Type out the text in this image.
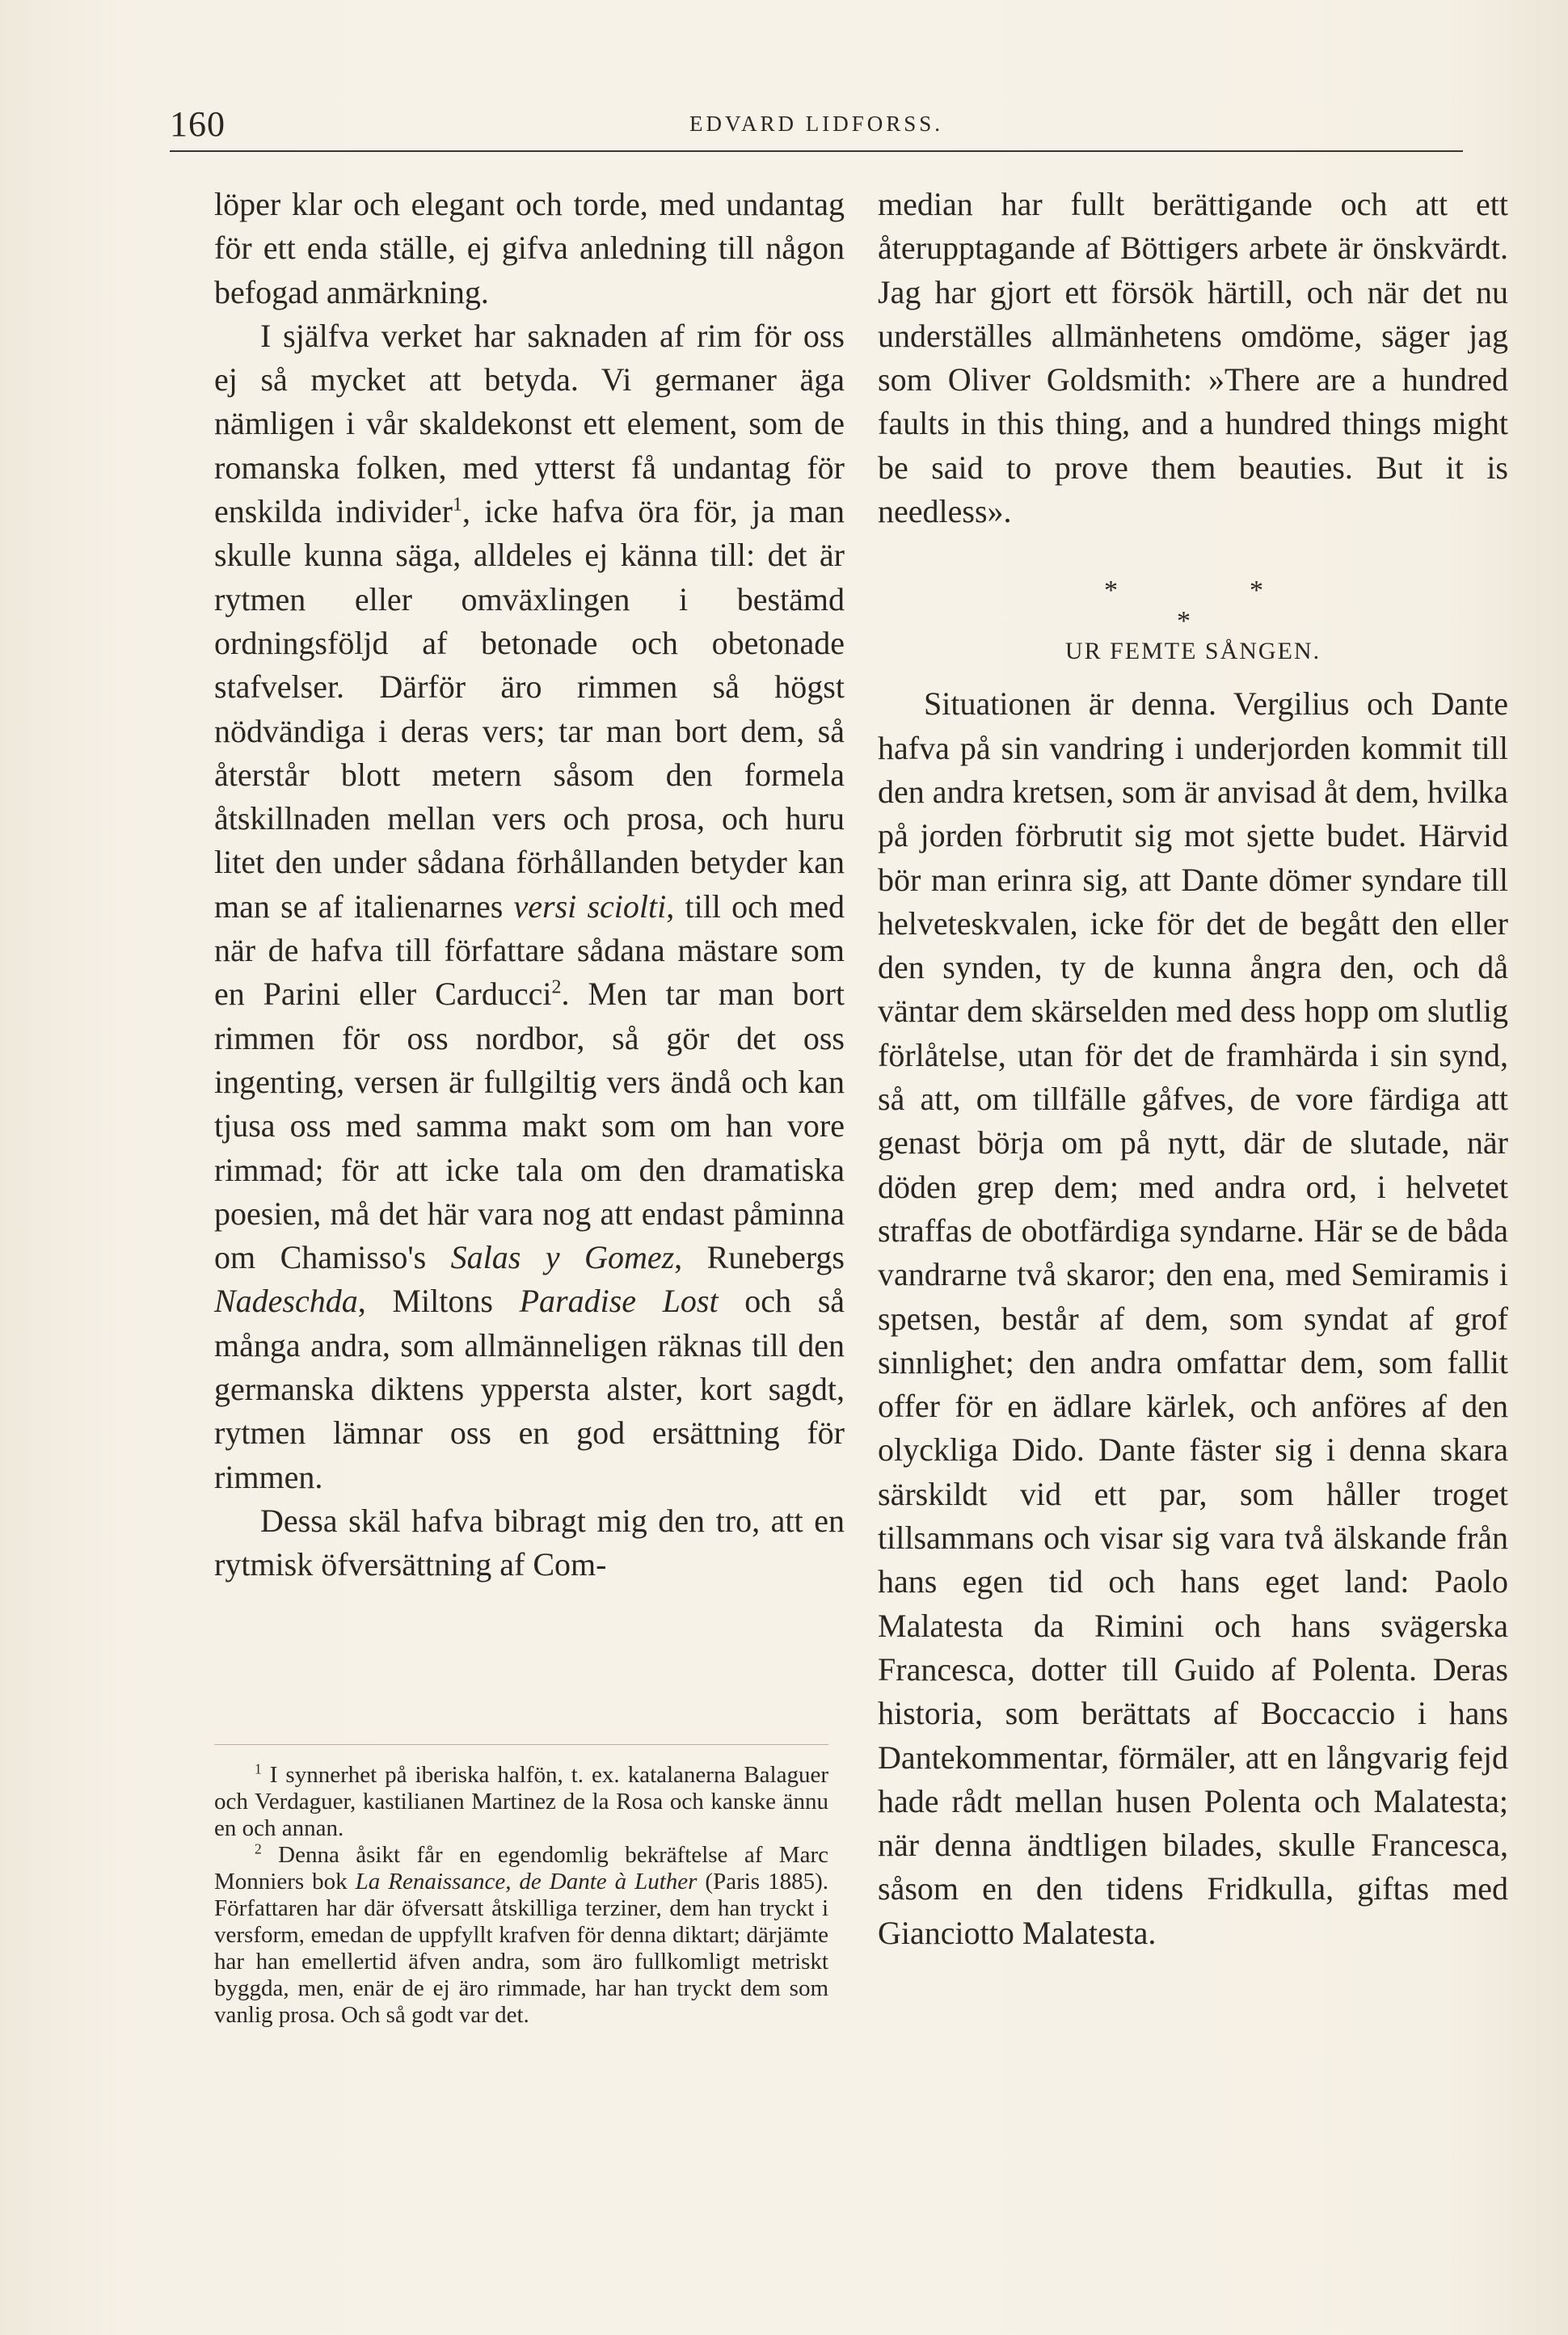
160	EDVARD LIDFORSS.

löper klar och elegant och torde, med undantag för ett enda ställe, ej gifva anledning till någon befogad anmärkning.

I själfva verket har saknaden af rim för oss ej så mycket att betyda. Vi germaner äga nämligen i vår skaldekonst ett element, som de romanska folken, med ytterst få undantag för enskilda individer$^1$, icke hafva öra för, ja man skulle kunna säga, alldeles ej känna till: det är rytmen eller omväxlingen i bestämd ordningsföljd af betonade och obetonade stafvelser. Därför äro rimmen så högst nödvändiga i deras vers; tar man bort dem, så återstår blott metern såsom den formela åtskillnaden mellan vers och prosa, och huru litet den under sådana förhållanden betyder kan man se af italienarnes versi sciolti, till och med när de hafva till författare sådana mästare som en Parini eller Carducci$^2$. Men tar man bort rimmen för oss nordbor, så gör det oss ingenting, versen är fullgiltig vers ändå och kan tjusa oss med samma makt som om han vore rimmad; för att icke tala om den dramatiska poesien, må det här vara nog att endast påminna om Chamisso's Salas y Gomez, Runebergs Nadeschda, Miltons Paradise Lost och så många andra, som allmänneligen räknas till den germanska diktens yppersta alster, kort sagdt, rytmen lämnar oss en god ersättning för rimmen.

Dessa skäl hafva bibragt mig den tro, att en rytmisk öfversättning af Com-

$^1$ I synnerhet på iberiska halfön, t. ex. katalanerna Balaguer och Verdaguer, kastilianen Martinez de la Rosa och kanske ännu en och annan.

$^2$ Denna åsikt får en egendomlig bekräftelse af Marc Monniers bok La Renaissance, de Dante à Luther (Paris 1885). Författaren har där öfversatt åtskilliga terziner, dem han tryckt i versform, emedan de uppfyllt krafven för denna diktart; därjämte har han emellertid äfven andra, som äro fullkomligt metriskt byggda, men, enär de ej äro rimmade, har han tryckt dem som vanlig prosa. Och så godt var det.

median har fullt berättigande och att ett återupptagande af Böttigers arbete är önskvärdt. Jag har gjort ett försök härtill, och när det nu underställes allmänhetens omdöme, säger jag som Oliver Goldsmith: »There are a hundred faults in this thing, and a hundred things might be said to prove them beauties. But it is needless».

*	*
*
UR FEMTE SÅNGEN.

Situationen är denna. Vergilius och Dante hafva på sin vandring i underjorden kommit till den andra kretsen, som är anvisad åt dem, hvilka på jorden förbrutit sig mot sjette budet. Härvid bör man erinra sig, att Dante dömer syndare till helveteskvalen, icke för det de begått den eller den synden, ty de kunna ångra den, och då väntar dem skärselden med dess hopp om slutlig förlåtelse, utan för det de framhärda i sin synd, så att, om tillfälle gåfves, de vore färdiga att genast börja om på nytt, där de slutade, när döden grep dem; med andra ord, i helvetet straffas de obotfärdiga syndarne. Här se de båda vandrarne två skaror; den ena, med Semiramis i spetsen, består af dem, som syndat af grof sinnlighet; den andra omfattar dem, som fallit offer för en ädlare kärlek, och anföres af den olyckliga Dido. Dante fäster sig i denna skara särskildt vid ett par, som håller troget tillsammans och visar sig vara två älskande från hans egen tid och hans eget land: Paolo Malatesta da Rimini och hans svägerska Francesca, dotter till Guido af Polenta. Deras historia, som berättats af Boccaccio i hans Dantekommentar, förmäler, att en långvarig fejd hade rådt mellan husen Polenta och Malatesta; när denna ändtligen bilades, skulle Francesca, såsom en den tidens Fridkulla, giftas med Gianciotto Malatesta.
